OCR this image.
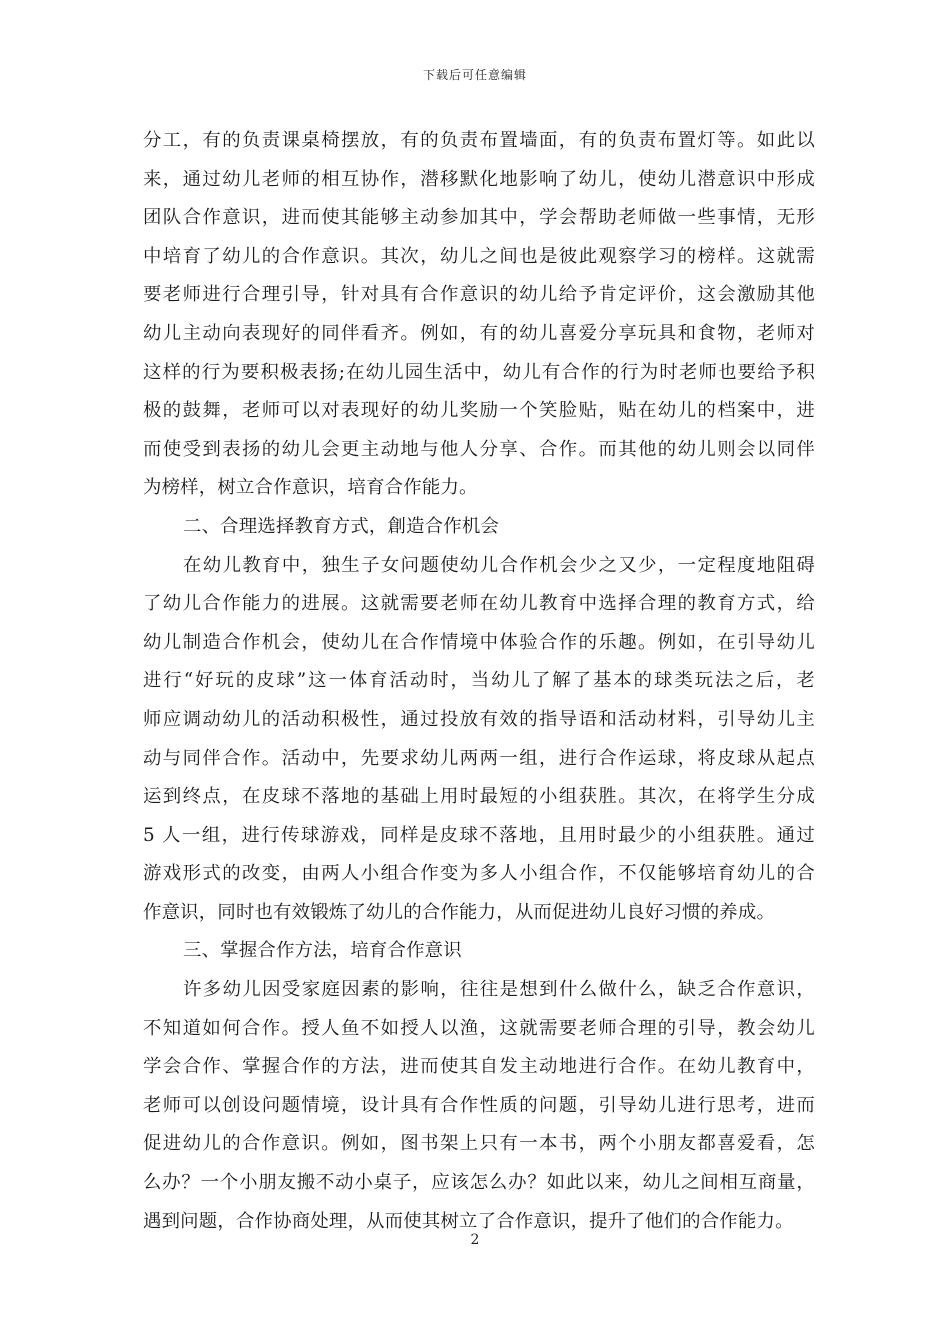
下载后可任意编辑
分工，有的负责课桌椅摆放，有的负责布置墙面，有的负责布置灯等。如此以
来，通过幼儿老师的相互协作，潜移默化地影响了幼儿，使幼儿潜意识中形成
团队合作意识，进而使其能够主动参加其中，学会帮助老师做一些事情，无形
中培育了幼儿的合作意识。其次，幼儿之间也是彼此观察学习的榜样。这就需
要老师进行合理引导，针对具有合作意识的幼儿给予肯定评价，这会激励其他
幼儿主动向表现好的同伴看齐。例如，有的幼儿喜爱分享玩具和食物，老师对
这样的行为要积极表扬;在幼儿园生活中，幼儿有合作的行为时老师也要给予积
极的鼓舞，老师可以对表现好的幼儿奖励一个笑脸贴，贴在幼儿的档案中，进
而使受到表扬的幼儿会更主动地与他人分享、合作。而其他的幼儿则会以同伴
为榜样，树立合作意识，培育合作能力。
二、合理选择教育方式，創造合作机会
在幼儿教育中，独生子女问题使幼儿合作机会少之又少，一定程度地阻碍
了幼儿合作能力的进展。这就需要老师在幼儿教育中选择合理的教育方式，给
幼儿制造合作机会，使幼儿在合作情境中体验合作的乐趣。例如，在引导幼儿
进行“好玩的皮球”这一体育活动时，当幼儿了解了基本的球类玩法之后，老
师应调动幼儿的活动积极性，通过投放有效的指导语和活动材料，引导幼儿主
动与同伴合作。活动中，先要求幼儿两两一组，进行合作运球，将皮球从起点
运到终点，在皮球不落地的基础上用时最短的小组获胜。其次，在将学生分成
5 人一组，进行传球游戏，同样是皮球不落地，且用时最少的小组获胜。通过
游戏形式的改变，由两人小组合作变为多人小组合作，不仅能够培育幼儿的合
作意识，同时也有效锻炼了幼儿的合作能力，从而促进幼儿良好习惯的养成。
三、掌握合作方法，培育合作意识
许多幼儿因受家庭因素的影响，往往是想到什么做什么，缺乏合作意识，
不知道如何合作。授人鱼不如授人以渔，这就需要老师合理的引导，教会幼儿
学会合作、掌握合作的方法，进而使其自发主动地进行合作。在幼儿教育中，
老师可以创设问题情境，设计具有合作性质的问题，引导幼儿进行思考，进而
促进幼儿的合作意识。例如，图书架上只有一本书，两个小朋友都喜爱看，怎
么办？一个小朋友搬不动小桌子，应该怎么办？如此以来，幼儿之间相互商量，
遇到问题，合作协商处理，从而使其树立了合作意识，提升了他们的合作能力。
2
